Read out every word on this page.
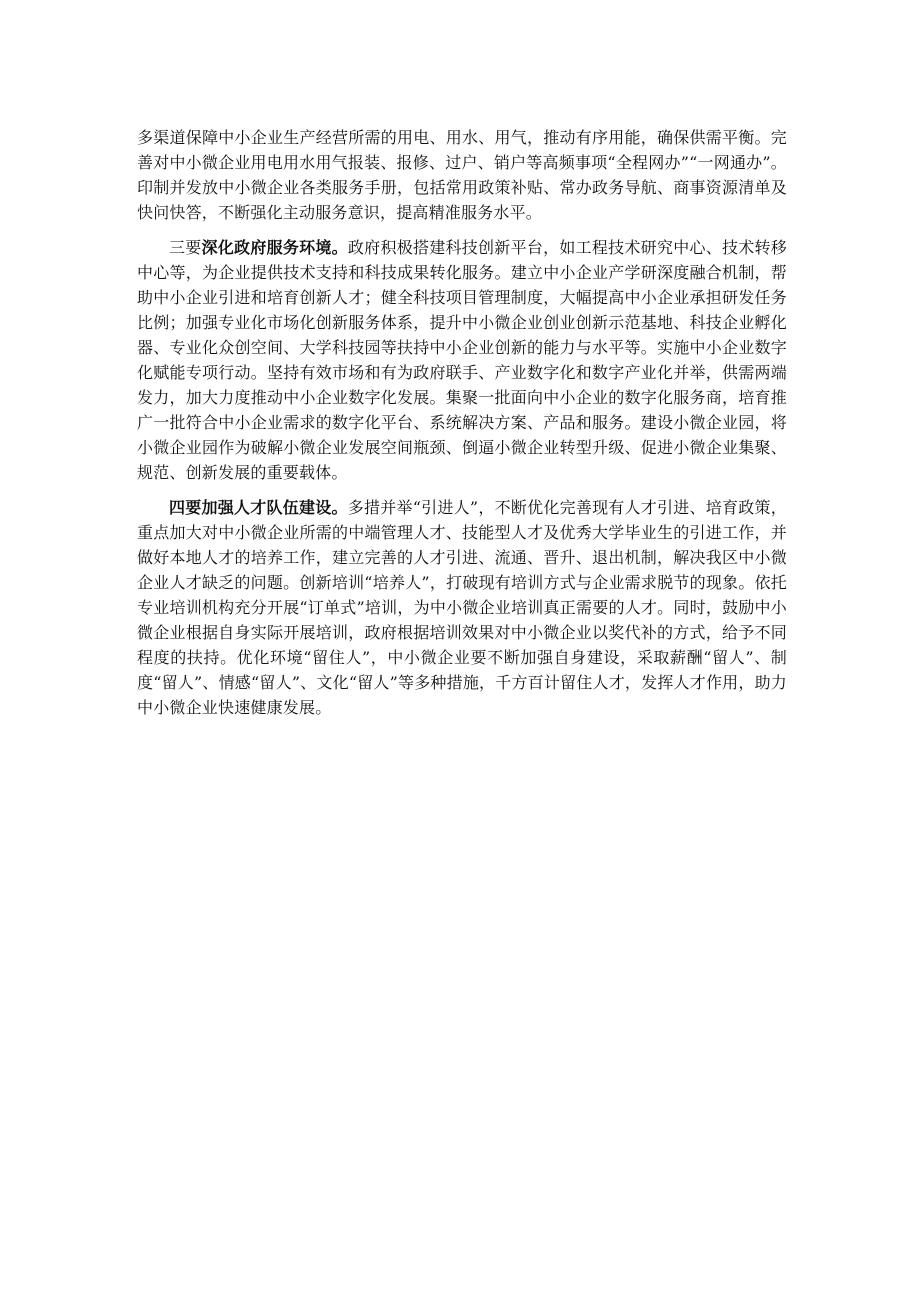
多渠道保障中小企业生产经营所需的用电、用水、用气，推动有序用能，确保供需平衡。完善对中小微企业用电用水用气报装、报修、过户、销户等高频事项“全程网办”“一网通办”。印制并发放中小微企业各类服务手册，包括常用政策补贴、常办政务导航、商事资源清单及快问快答，不断强化主动服务意识，提高精准服务水平。

三要深化政府服务环境。政府积极搭建科技创新平台，如工程技术研究中心、技术转移中心等，为企业提供技术支持和科技成果转化服务。建立中小企业产学研深度融合机制，帮助中小企业引进和培育创新人才；健全科技项目管理制度，大幅提高中小企业承担研发任务比例；加强专业化市场化创新服务体系，提升中小微企业创业创新示范基地、科技企业孵化器、专业化众创空间、大学科技园等扶持中小企业创新的能力与水平等。实施中小企业数字化赋能专项行动。坚持有效市场和有为政府联手、产业数字化和数字产业化并举，供需两端发力，加大力度推动中小企业数字化发展。集聚一批面向中小企业的数字化服务商，培育推广一批符合中小企业需求的数字化平台、系统解决方案、产品和服务。建设小微企业园，将小微企业园作为破解小微企业发展空间瓶颈、倒逼小微企业转型升级、促进小微企业集聚、规范、创新发展的重要载体。

四要加强人才队伍建设。多措并举“引进人”，不断优化完善现有人才引进、培育政策，重点加大对中小微企业所需的中端管理人才、技能型人才及优秀大学毕业生的引进工作，并做好本地人才的培养工作，建立完善的人才引进、流通、晋升、退出机制，解决我区中小微企业人才缺乏的问题。创新培训“培养人”，打破现有培训方式与企业需求脱节的现象。依托专业培训机构充分开展“订单式”培训，为中小微企业培训真正需要的人才。同时，鼓励中小微企业根据自身实际开展培训，政府根据培训效果对中小微企业以奖代补的方式，给予不同程度的扶持。优化环境“留住人”，中小微企业要不断加强自身建设，采取薪酬“留人”、制度“留人”、情感“留人”、文化“留人”等多种措施，千方百计留住人才，发挥人才作用，助力中小微企业快速健康发展。
